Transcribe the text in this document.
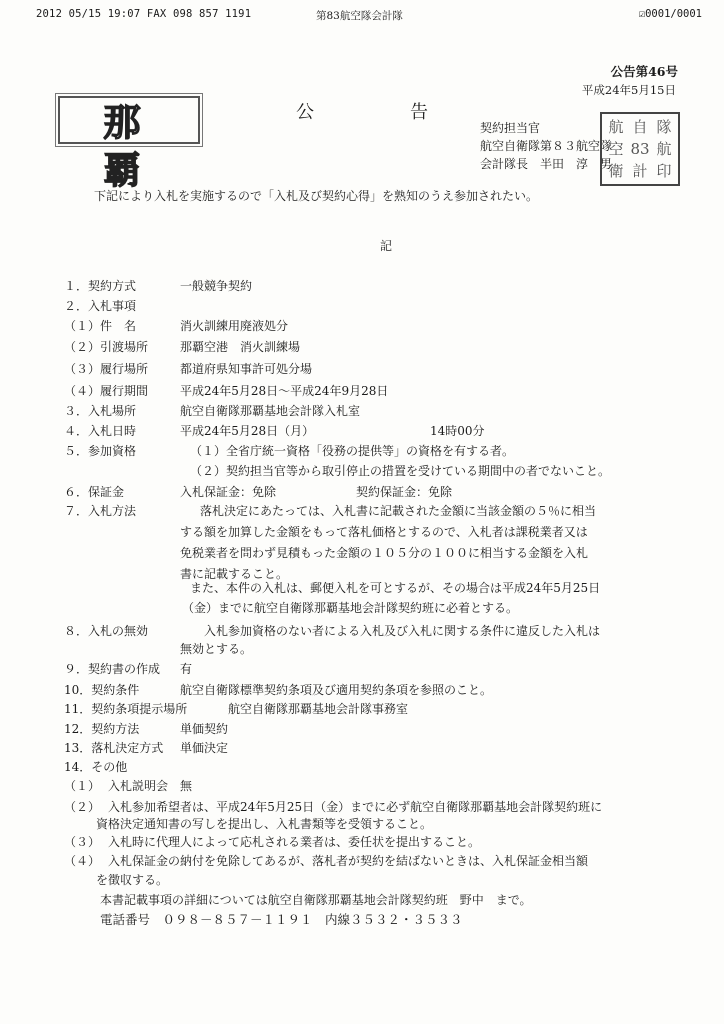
2012 05/15 19:07 FAX 098 857 1191	第83航空隊会計隊	☑0001/0001
公告第46号
平成24年5月15日
那覇
公告
契約担当官
航空自衛隊第８３航空隊
会計隊長　半田　淳　男
航 自 隊
空 83 航
衛 計 印
下記により入札を実施するので「入札及び契約心得」を熟知のうえ参加されたい。
記
１．契約方式	一般競争契約
２．入札事項
（１）件　名	消火訓練用廃液処分
（２）引渡場所	那覇空港　消火訓練場
（３）履行場所	都道府県知事許可処分場
（４）履行期間	平成24年5月28日～平成24年9月28日
３．入札場所	航空自衛隊那覇基地会計隊入札室
４．入札日時	平成24年5月28日（月）	14時00分
５．参加資格	（１）全省庁統一資格「役務の提供等」の資格を有する者。
（２）契約担当官等から取引停止の措置を受けている期間中の者でないこと。
６．保証金	入札保証金：免除	契約保証金：免除
７．入札方法	落札決定にあたっては、入札書に記載された金額に当該金額の５％に相当
する額を加算した金額をもって落札価格とするので、入札者は課税業者又は
免税業者を問わず見積もった金額の１０５分の１００に相当する金額を入札
書に記載すること。
また、本件の入札は、郵便入札を可とするが、その場合は平成24年5月25日
（金）までに航空自衛隊那覇基地会計隊契約班に必着とする。
８．入札の無効	入札参加資格のない者による入札及び入札に関する条件に違反した入札は
無効とする。
９．契約書の作成 有
10．契約条件	航空自衛隊標準契約条項及び適用契約条項を参照のこと。
11．契約条項提示場所	航空自衛隊那覇基地会計隊事務室
12．契約方法	単価契約
13．落札決定方式 単価決定
14．その他
（１） 入札説明会　無
（２） 入札参加希望者は、平成24年5月25日（金）までに必ず航空自衛隊那覇基地会計隊契約班に
資格決定通知書の写しを提出し、入札書類等を受領すること。
（３） 入札時に代理人によって応札される業者は、委任状を提出すること。
（４） 入札保証金の納付を免除してあるが、落札者が契約を結ばないときは、入札保証金相当額
を徴収する。
本書記載事項の詳細については航空自衛隊那覇基地会計隊契約班　野中　まで。
電話番号　０９８－８５７－１１９１　内線３５３２・３５３３
